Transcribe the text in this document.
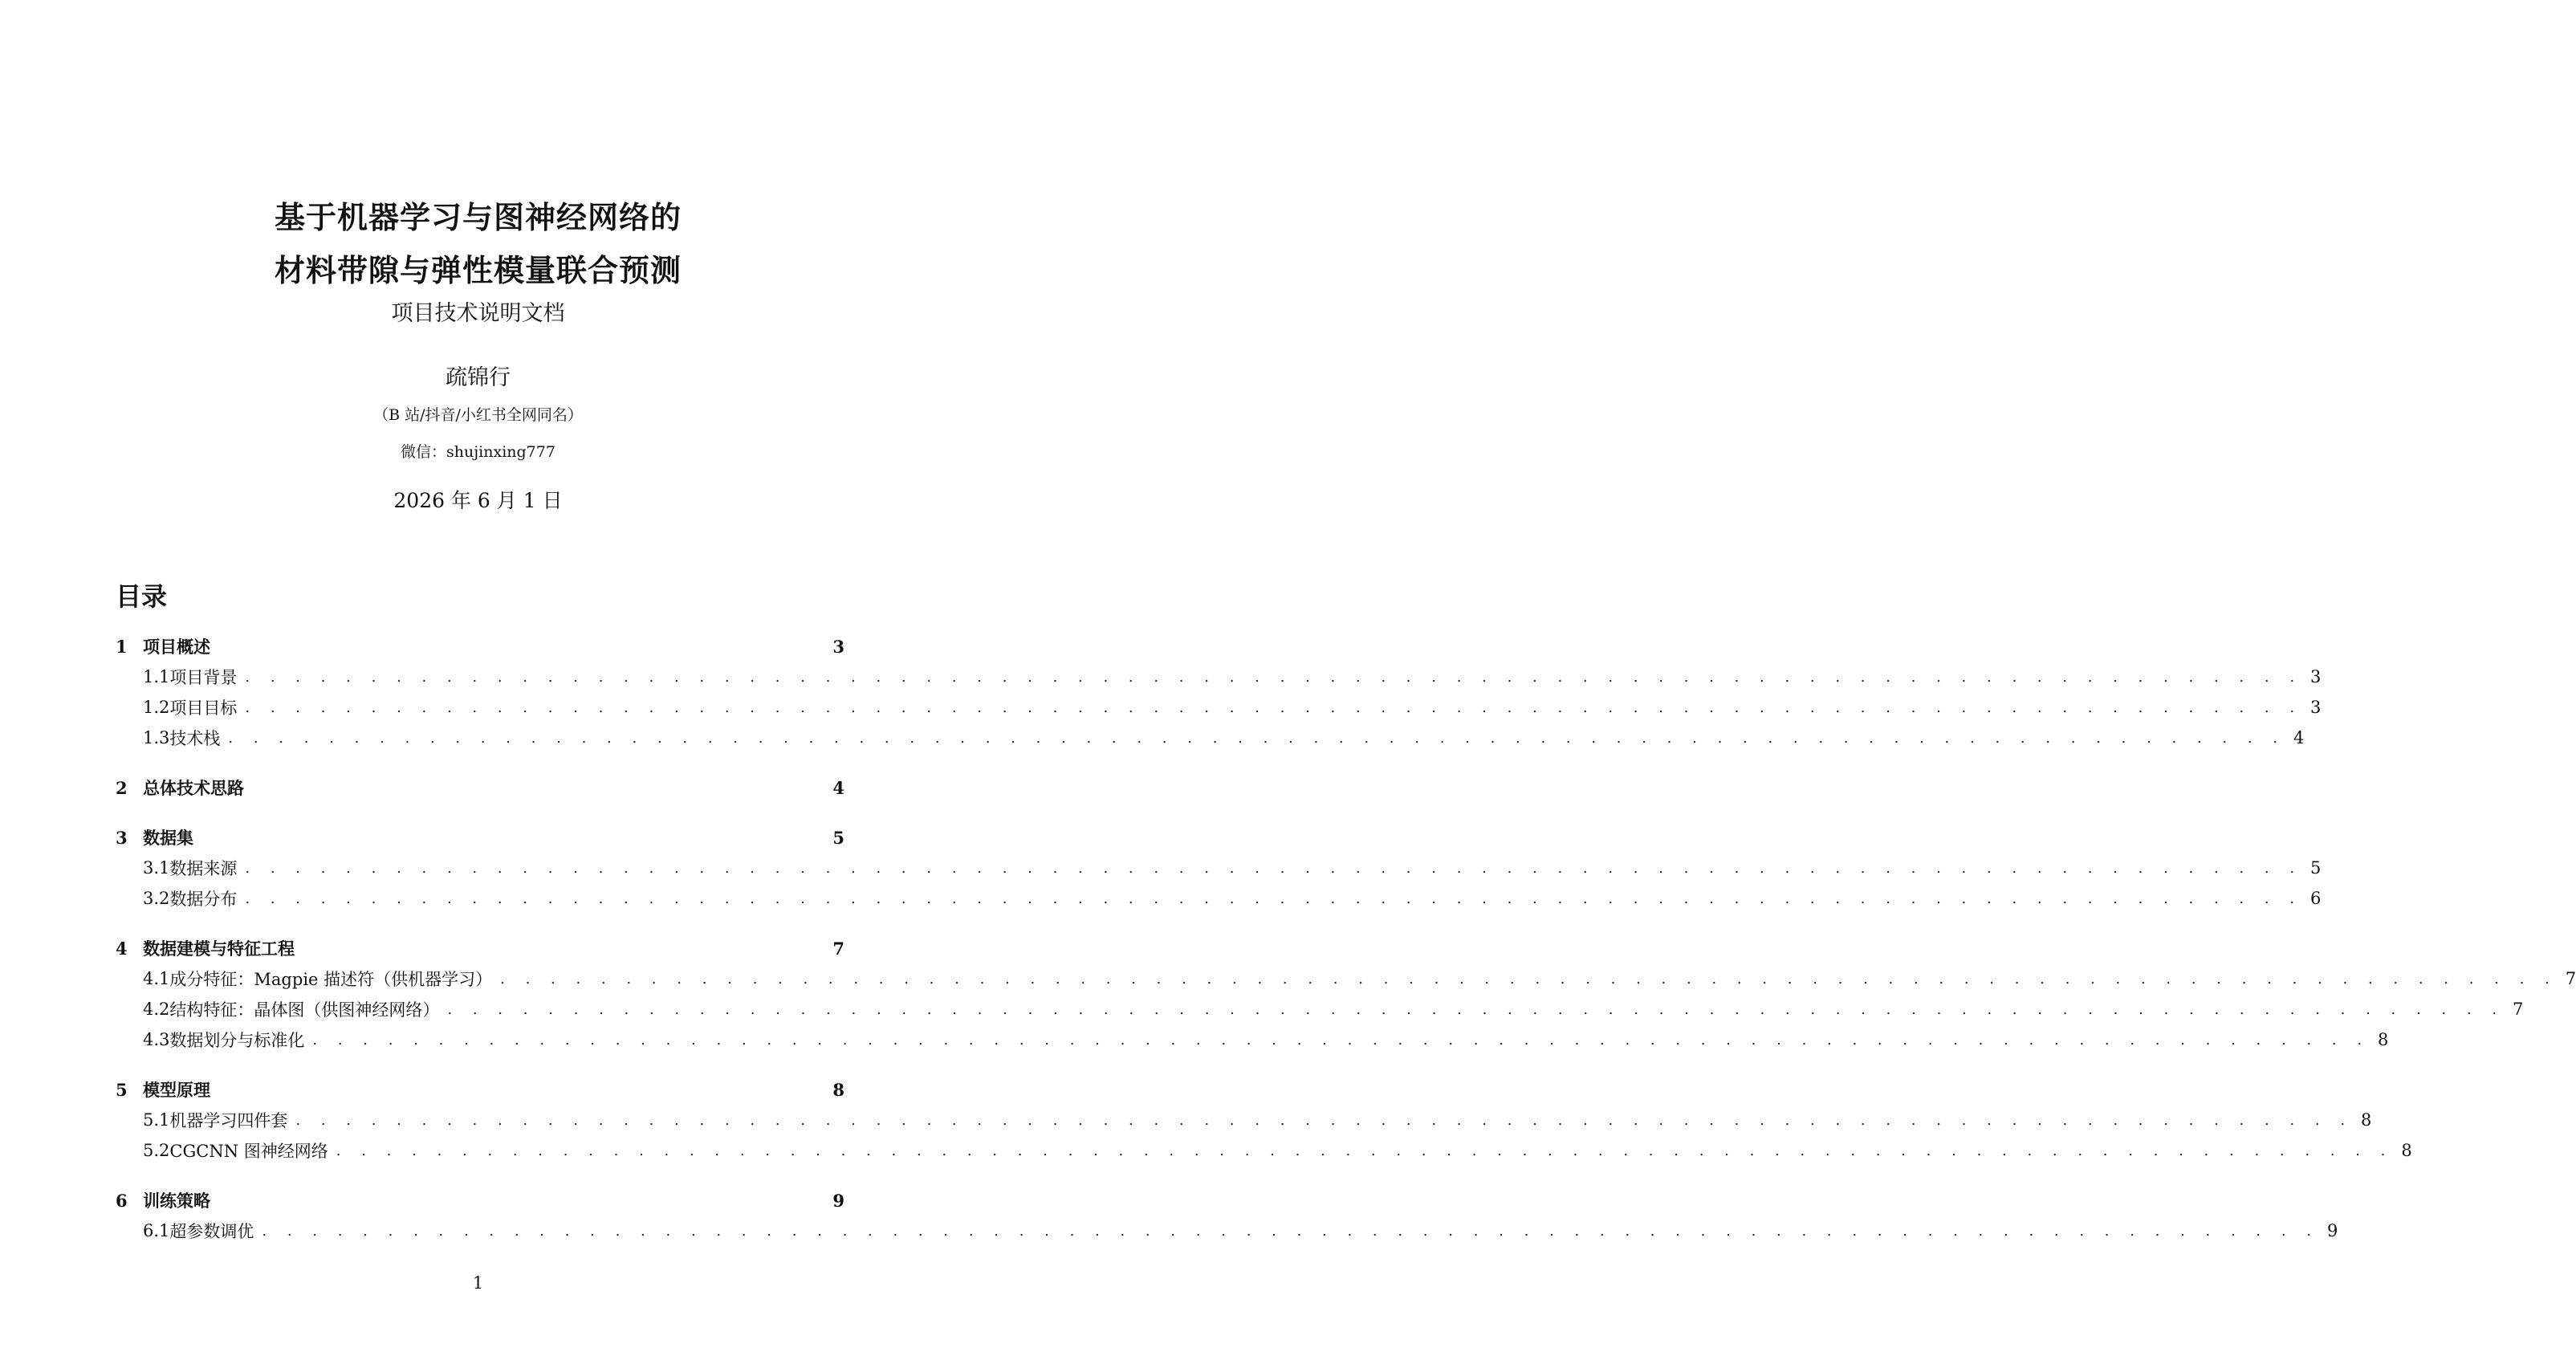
基于机器学习与图神经网络的
材料带隙与弹性模量联合预测
项目技术说明文档
疏锦行
（B 站/抖音/小红书全网同名）
微信：shujinxing777
2026 年 6 月 1 日
目录
1 项目概述	3
1.1 项目背景 . . . . . . . . . . . . . . . . . . . . . . . . . . . . . . . . . . . . . . . . . . . . . . . . . . . . . . . . . . . . . . . . . . . . . . . . . . . . . . . . . . 3
1.2 项目目标 . . . . . . . . . . . . . . . . . . . . . . . . . . . . . . . . . . . . . . . . . . . . . . . . . . . . . . . . . . . . . . . . . . . . . . . . . . . . . . . . . . 3
1.3 技术栈 . . . . . . . . . . . . . . . . . . . . . . . . . . . . . . . . . . . . . . . . . . . . . . . . . . . . . . . . . . . . . . . . . . . . . . . . . . . . . . . . . . 4
2 总体技术思路	4
3 数据集	5
3.1 数据来源 . . . . . . . . . . . . . . . . . . . . . . . . . . . . . . . . . . . . . . . . . . . . . . . . . . . . . . . . . . . . . . . . . . . . . . . . . . . . . . . . . . 5
3.2 数据分布 . . . . . . . . . . . . . . . . . . . . . . . . . . . . . . . . . . . . . . . . . . . . . . . . . . . . . . . . . . . . . . . . . . . . . . . . . . . . . . . . . . 6
4 数据建模与特征工程	7
4.1 成分特征：Magpie 描述符（供机器学习） . . . . . . . . . . . . . . . . . . . . . . . . . . . . . . . . . . . . . . . . . . . . . . . . . . . . . . . . . . . . . . . . . . . . . . . . . . . . . . . . . . 7
4.2 结构特征：晶体图（供图神经网络） . . . . . . . . . . . . . . . . . . . . . . . . . . . . . . . . . . . . . . . . . . . . . . . . . . . . . . . . . . . . . . . . . . . . . . . . . . . . . . . . . . 7
4.3 数据划分与标准化 . . . . . . . . . . . . . . . . . . . . . . . . . . . . . . . . . . . . . . . . . . . . . . . . . . . . . . . . . . . . . . . . . . . . . . . . . . . . . . . . . . 8
5 模型原理	8
5.1 机器学习四件套 . . . . . . . . . . . . . . . . . . . . . . . . . . . . . . . . . . . . . . . . . . . . . . . . . . . . . . . . . . . . . . . . . . . . . . . . . . . . . . . . . . 8
5.2 CGCNN 图神经网络 . . . . . . . . . . . . . . . . . . . . . . . . . . . . . . . . . . . . . . . . . . . . . . . . . . . . . . . . . . . . . . . . . . . . . . . . . . . . . . . . . . 8
6 训练策略	9
6.1 超参数调优 . . . . . . . . . . . . . . . . . . . . . . . . . . . . . . . . . . . . . . . . . . . . . . . . . . . . . . . . . . . . . . . . . . . . . . . . . . . . . . . . . . 9
1
